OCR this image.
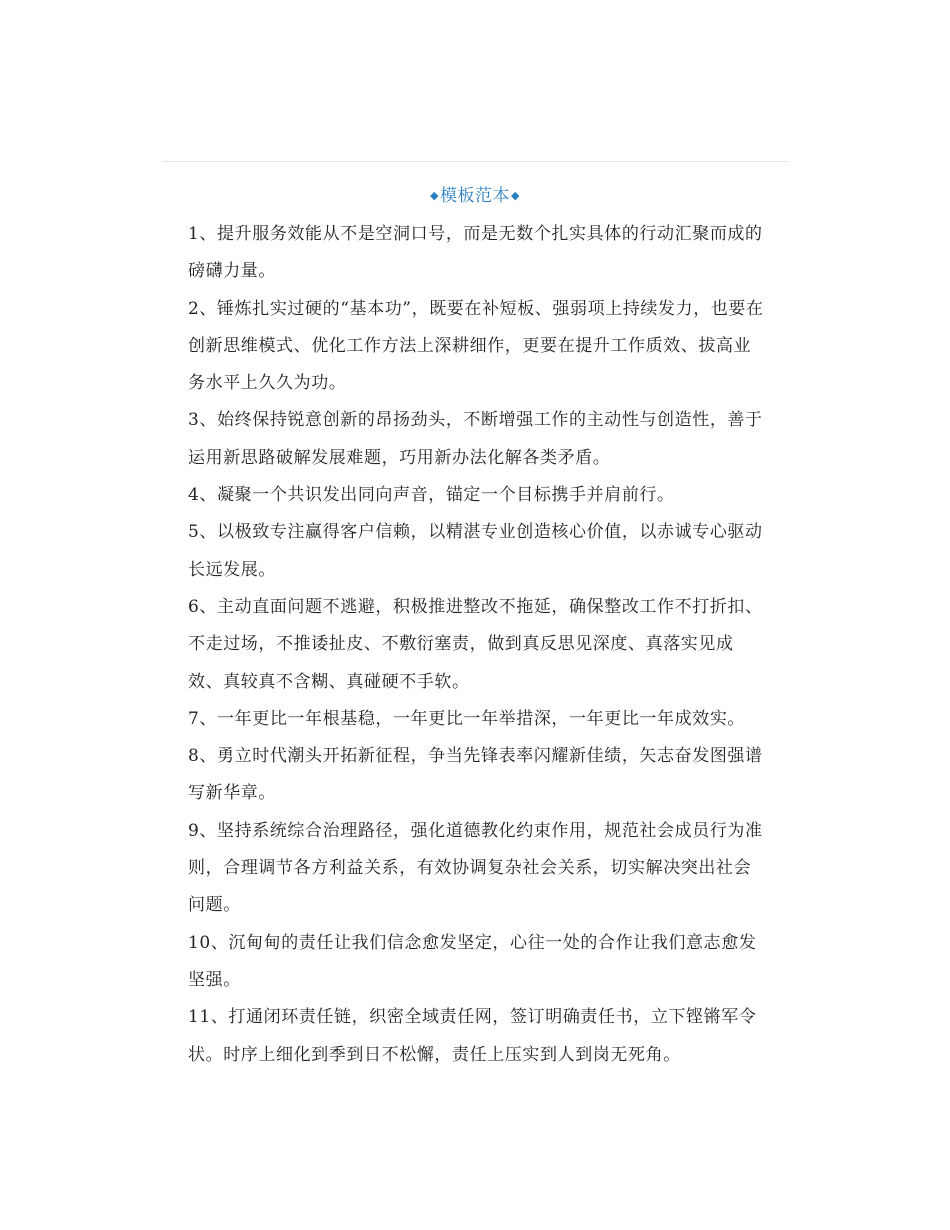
◆模板范本◆

1、提升服务效能从不是空洞口号，而是无数个扎实具体的行动汇聚而成的磅礴力量。

2、锤炼扎实过硬的“基本功”，既要在补短板、强弱项上持续发力，也要在创新思维模式、优化工作方法上深耕细作，更要在提升工作质效、拔高业务水平上久久为功。

3、始终保持锐意创新的昂扬劲头，不断增强工作的主动性与创造性，善于运用新思路破解发展难题，巧用新办法化解各类矛盾。

4、凝聚一个共识发出同向声音，锚定一个目标携手并肩前行。

5、以极致专注赢得客户信赖，以精湛专业创造核心价值，以赤诚专心驱动长远发展。

6、主动直面问题不逃避，积极推进整改不拖延，确保整改工作不打折扣、不走过场，不推诿扯皮、不敷衍塞责，做到真反思见深度、真落实见成效、真较真不含糊、真碰硬不手软。

7、一年更比一年根基稳，一年更比一年举措深，一年更比一年成效实。

8、勇立时代潮头开拓新征程，争当先锋表率闪耀新佳绩，矢志奋发图强谱写新华章。

9、坚持系统综合治理路径，强化道德教化约束作用，规范社会成员行为准则，合理调节各方利益关系，有效协调复杂社会关系，切实解决突出社会问题。

10、沉甸甸的责任让我们信念愈发坚定，心往一处的合作让我们意志愈发坚强。

11、打通闭环责任链，织密全域责任网，签订明确责任书，立下铿锵军令状。时序上细化到季到日不松懈，责任上压实到人到岗无死角。
